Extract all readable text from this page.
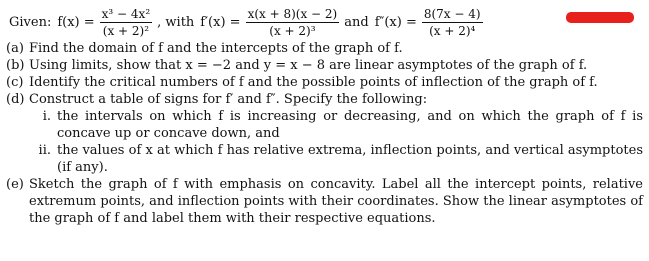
Given: $f(x) = \frac{\text{x³ − 4x²}}{\text{(x + 2)²}}$ , with $f'(x) = \frac{x(x + 8)(x - 2)}{\text{(x + 2)³}}$ and $f''(x) = \frac{8(7x - 4)}{\text{(x + 2)⁴}}$
(a) Find the domain of f and the intercepts of the graph of f.
(b) Using limits, show that x = −2 and y = x − 8 are linear asymptotes of the graph of f.
(c) Identify the critical numbers of f and the possible points of inflection of the graph of f.
(d) Construct a table of signs for f′ and f″. Specify the following:
i. the intervals on which f is increasing or decreasing, and on which the graph of f is concave up or concave down, and
ii. the values of x at which f has relative extrema, inflection points, and vertical asymptotes (if any).
(e) Sketch the graph of f with emphasis on concavity. Label all the intercept points, relative extremum points, and inflection points with their coordinates. Show the linear asymptotes of the graph of f and label them with their respective equations.
